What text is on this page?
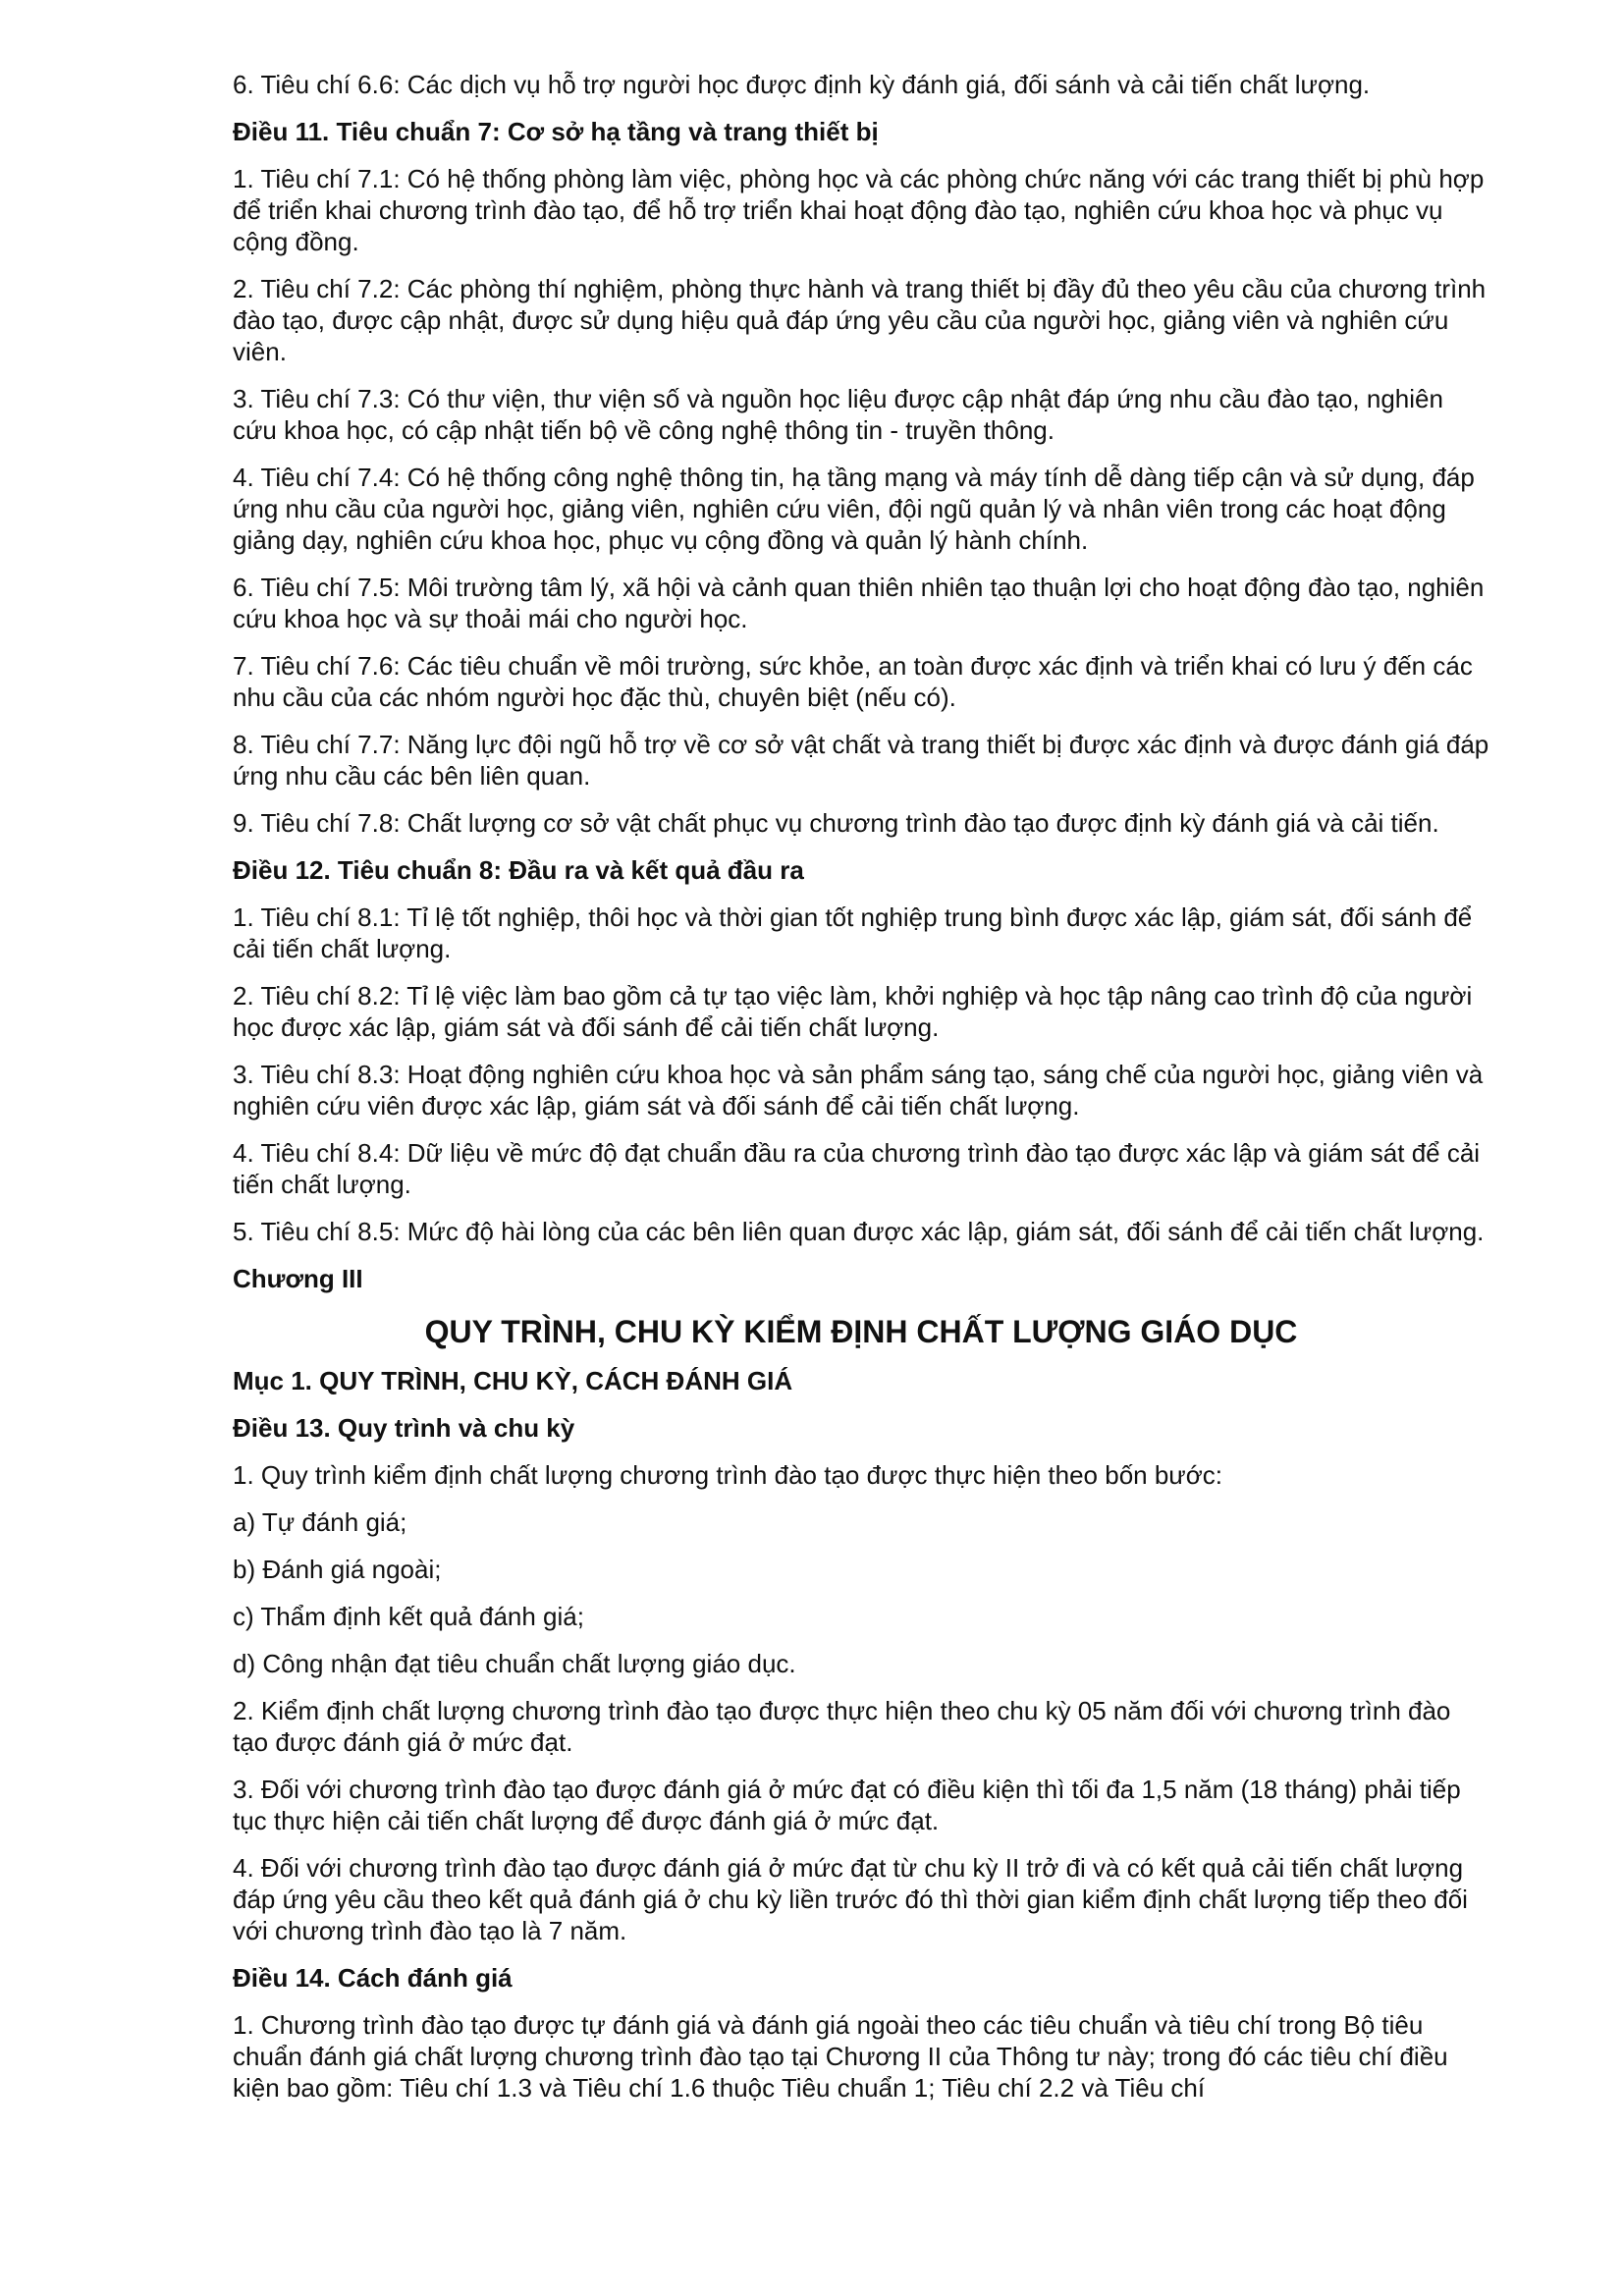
6. Tiêu chí 6.6: Các dịch vụ hỗ trợ người học được định kỳ đánh giá, đối sánh và cải tiến chất lượng.

Điều 11. Tiêu chuẩn 7: Cơ sở hạ tầng và trang thiết bị

1. Tiêu chí 7.1: Có hệ thống phòng làm việc, phòng học và các phòng chức năng với các trang thiết bị phù hợp để triển khai chương trình đào tạo, để hỗ trợ triển khai hoạt động đào tạo, nghiên cứu khoa học và phục vụ cộng đồng.

2. Tiêu chí 7.2: Các phòng thí nghiệm, phòng thực hành và trang thiết bị đầy đủ theo yêu cầu của chương trình đào tạo, được cập nhật, được sử dụng hiệu quả đáp ứng yêu cầu của người học, giảng viên và nghiên cứu viên.

3. Tiêu chí 7.3: Có thư viện, thư viện số và nguồn học liệu được cập nhật đáp ứng nhu cầu đào tạo, nghiên cứu khoa học, có cập nhật tiến bộ về công nghệ thông tin - truyền thông.

4. Tiêu chí 7.4: Có hệ thống công nghệ thông tin, hạ tầng mạng và máy tính dễ dàng tiếp cận và sử dụng, đáp ứng nhu cầu của người học, giảng viên, nghiên cứu viên, đội ngũ quản lý và nhân viên trong các hoạt động giảng dạy, nghiên cứu khoa học, phục vụ cộng đồng và quản lý hành chính.

6. Tiêu chí 7.5: Môi trường tâm lý, xã hội và cảnh quan thiên nhiên tạo thuận lợi cho hoạt động đào tạo, nghiên cứu khoa học và sự thoải mái cho người học.

7. Tiêu chí 7.6: Các tiêu chuẩn về môi trường, sức khỏe, an toàn được xác định và triển khai có lưu ý đến các nhu cầu của các nhóm người học đặc thù, chuyên biệt (nếu có).

8. Tiêu chí 7.7: Năng lực đội ngũ hỗ trợ về cơ sở vật chất và trang thiết bị được xác định và được đánh giá đáp ứng nhu cầu các bên liên quan.

9. Tiêu chí 7.8: Chất lượng cơ sở vật chất phục vụ chương trình đào tạo được định kỳ đánh giá và cải tiến.

Điều 12. Tiêu chuẩn 8: Đầu ra và kết quả đầu ra

1. Tiêu chí 8.1: Tỉ lệ tốt nghiệp, thôi học và thời gian tốt nghiệp trung bình được xác lập, giám sát, đối sánh để cải tiến chất lượng.

2. Tiêu chí 8.2: Tỉ lệ việc làm bao gồm cả tự tạo việc làm, khởi nghiệp và học tập nâng cao trình độ của người học được xác lập, giám sát và đối sánh để cải tiến chất lượng.

3. Tiêu chí 8.3: Hoạt động nghiên cứu khoa học và sản phẩm sáng tạo, sáng chế của người học, giảng viên và nghiên cứu viên được xác lập, giám sát và đối sánh để cải tiến chất lượng.

4. Tiêu chí 8.4: Dữ liệu về mức độ đạt chuẩn đầu ra của chương trình đào tạo được xác lập và giám sát để cải tiến chất lượng.

5. Tiêu chí 8.5: Mức độ hài lòng của các bên liên quan được xác lập, giám sát, đối sánh để cải tiến chất lượng.

Chương III

QUY TRÌNH, CHU KỲ KIỂM ĐỊNH CHẤT LƯỢNG GIÁO DỤC

Mục 1. QUY TRÌNH, CHU KỲ, CÁCH ĐÁNH GIÁ

Điều 13. Quy trình và chu kỳ

1. Quy trình kiểm định chất lượng chương trình đào tạo được thực hiện theo bốn bước:

a) Tự đánh giá;

b) Đánh giá ngoài;

c) Thẩm định kết quả đánh giá;

d) Công nhận đạt tiêu chuẩn chất lượng giáo dục.

2. Kiểm định chất lượng chương trình đào tạo được thực hiện theo chu kỳ 05 năm đối với chương trình đào tạo được đánh giá ở mức đạt.

3. Đối với chương trình đào tạo được đánh giá ở mức đạt có điều kiện thì tối đa 1,5 năm (18 tháng) phải tiếp tục thực hiện cải tiến chất lượng để được đánh giá ở mức đạt.

4. Đối với chương trình đào tạo được đánh giá ở mức đạt từ chu kỳ II trở đi và có kết quả cải tiến chất lượng đáp ứng yêu cầu theo kết quả đánh giá ở chu kỳ liền trước đó thì thời gian kiểm định chất lượng tiếp theo đối với chương trình đào tạo là 7 năm.

Điều 14. Cách đánh giá

1. Chương trình đào tạo được tự đánh giá và đánh giá ngoài theo các tiêu chuẩn và tiêu chí trong Bộ tiêu chuẩn đánh giá chất lượng chương trình đào tạo tại Chương II của Thông tư này; trong đó các tiêu chí điều kiện bao gồm: Tiêu chí 1.3 và Tiêu chí 1.6 thuộc Tiêu chuẩn 1; Tiêu chí 2.2 và Tiêu chí
